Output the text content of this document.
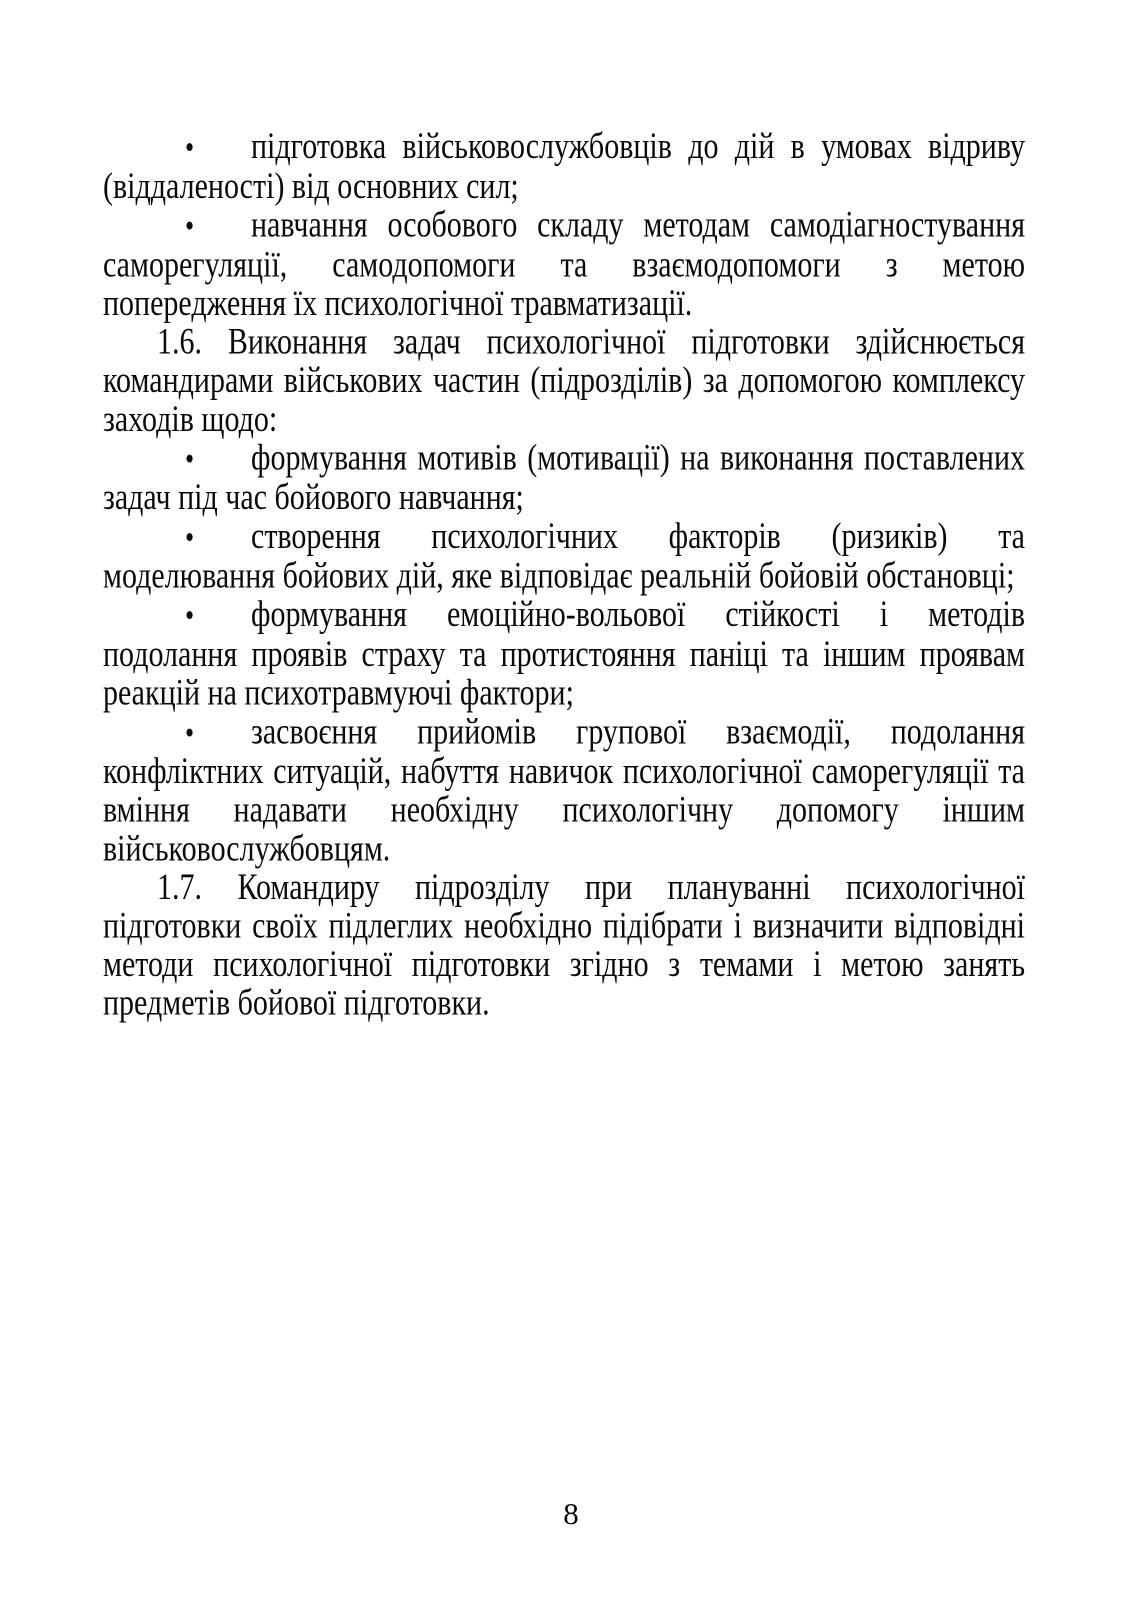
• підготовка військовослужбовців до дій в умовах відриву (віддаленості) від основних сил;

• навчання особового складу методам самодіагностування саморегуляції, самодопомоги та взаємодопомоги з метою попередження їх психологічної травматизації.

1.6. Виконання задач психологічної підготовки здійснюється командирами військових частин (підрозділів) за допомогою комплексу заходів щодо:

• формування мотивів (мотивації) на виконання поставлених задач під час бойового навчання;

• створення психологічних факторів (ризиків) та моделювання бойових дій, яке відповідає реальній бойовій обстановці;

• формування емоційно-вольової стійкості і методів подолання проявів страху та протистояння паніці та іншим проявам реакцій на психотравмуючі фактори;

• засвоєння прийомів групової взаємодії, подолання конфліктних ситуацій, набуття навичок психологічної саморегуляції та вміння надавати необхідну психологічну допомогу іншим військовослужбовцям.

1.7. Командиру підрозділу при плануванні психологічної підготовки своїх підлеглих необхідно підібрати і визначити відповідні методи психологічної підготовки згідно з темами і метою занять предметів бойової підготовки.

8
